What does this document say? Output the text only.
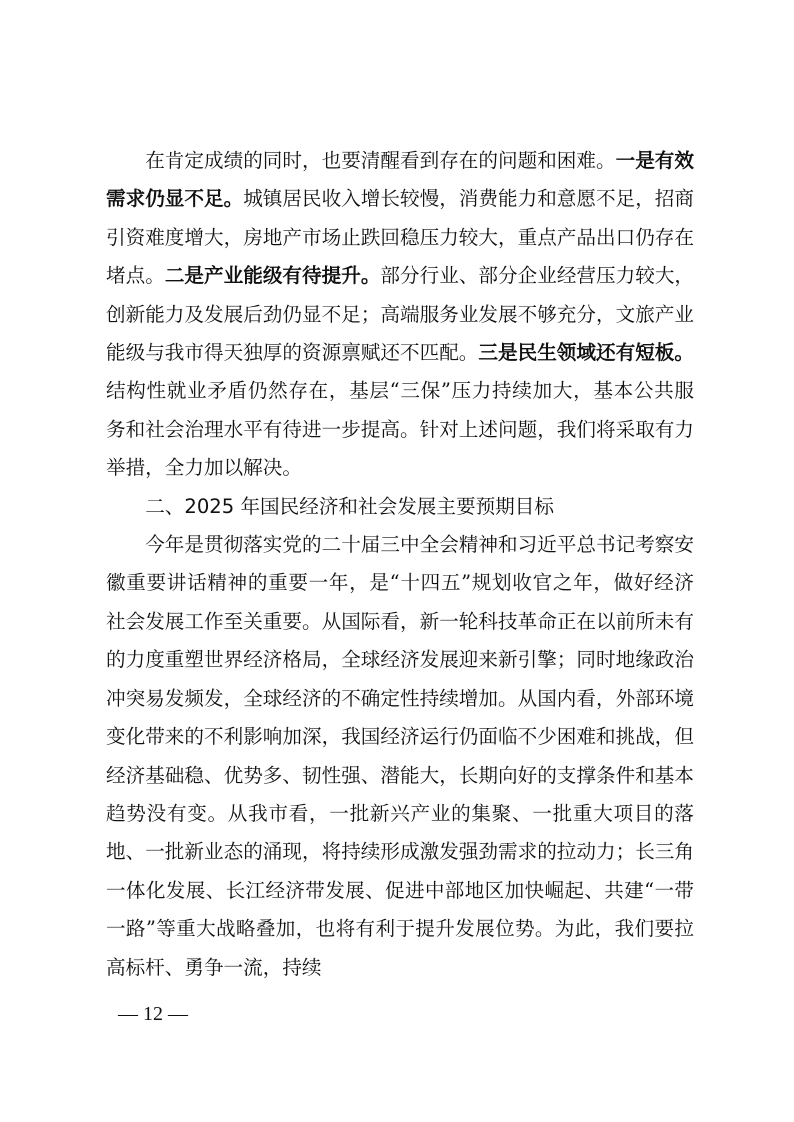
在肯定成绩的同时，也要清醒看到存在的问题和困难。一是有效需求仍显不足。城镇居民收入增长较慢，消费能力和意愿不足，招商引资难度增大，房地产市场止跌回稳压力较大，重点产品出口仍存在堵点。二是产业能级有待提升。部分行业、部分企业经营压力较大，创新能力及发展后劲仍显不足；高端服务业发展不够充分，文旅产业能级与我市得天独厚的资源禀赋还不匹配。三是民生领域还有短板。结构性就业矛盾仍然存在，基层“三保”压力持续加大，基本公共服务和社会治理水平有待进一步提高。针对上述问题，我们将采取有力举措，全力加以解决。

二、2025 年国民经济和社会发展主要预期目标

今年是贯彻落实党的二十届三中全会精神和习近平总书记考察安徽重要讲话精神的重要一年，是“十四五”规划收官之年，做好经济社会发展工作至关重要。从国际看，新一轮科技革命正在以前所未有的力度重塑世界经济格局，全球经济发展迎来新引擎；同时地缘政治冲突易发频发，全球经济的不确定性持续增加。从国内看，外部环境变化带来的不利影响加深，我国经济运行仍面临不少困难和挑战，但经济基础稳、优势多、韧性强、潜能大，长期向好的支撑条件和基本趋势没有变。从我市看，一批新兴产业的集聚、一批重大项目的落地、一批新业态的涌现，将持续形成激发强劲需求的拉动力；长三角一体化发展、长江经济带发展、促进中部地区加快崛起、共建“一带一路”等重大战略叠加，也将有利于提升发展位势。为此，我们要拉高标杆、勇争一流，持续

— 12 —
